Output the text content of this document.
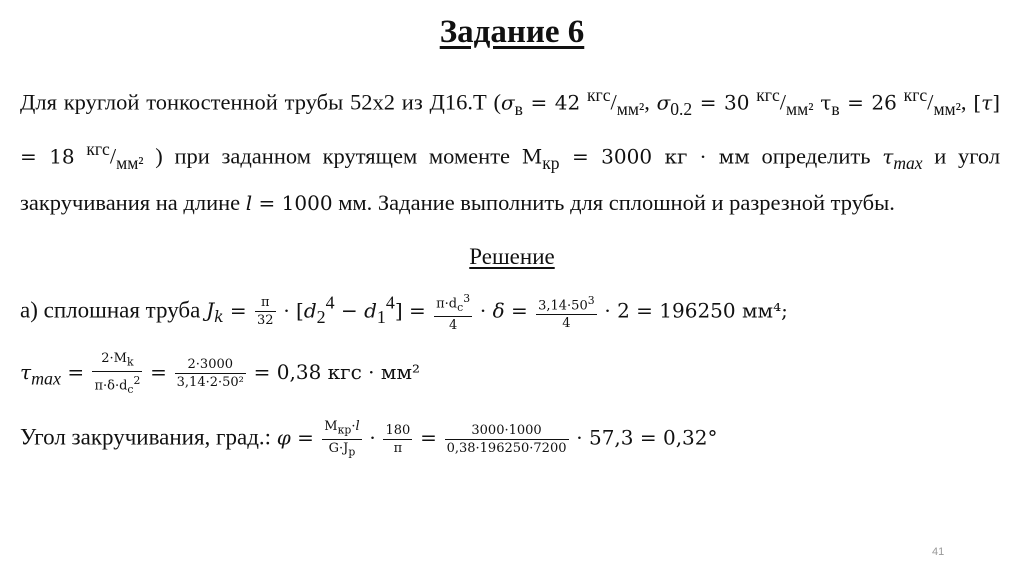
Задание 6
Для круглой тонкостенной трубы 52х2 из Д16.Т ($\sigma_в = 42$ $^{кгс}/_{мм^2}$, $\sigma_{0.2} = 30$ $^{кгс}/_{мм^2}$ $\tau_в = 26$ $^{кгс}/_{мм^2}$, [τ] = 18 $^{кгс}/_{мм^2}$ ) при заданном крутящем моменте $М_{кр} = 3000$ кг · мм определить $\tau_{max}$ и угол закручивания на длине l = 1000 мм. Задание выполнить для сплошной и разрезной трубы.
Решение
а) сплошная труба $J_k = \frac{\pi}{32} \cdot [d_2^4 - d_1^4] = \frac{\pi\cdot d_c^3}{4} \cdot \delta = \frac{3,14\cdot 50^3}{4} \cdot 2 = 196250$ мм⁴;
$\tau_{max} = \frac{2\cdot M_k}{\pi\cdot\delta\cdot d_c^2} = \frac{2\cdot 3000}{\text{3,14·2·50²}} = 0,38$ кгс · мм²
Угол закручивания, град.: $\varphi = \frac{M_{кр}\cdot l}{G\cdot J_p} \cdot \frac{180}{\pi} = \frac{3000\cdot 1000}{0,38\cdot 196250\cdot 7200} \cdot 57,3 = 0,32^\circ$
41
